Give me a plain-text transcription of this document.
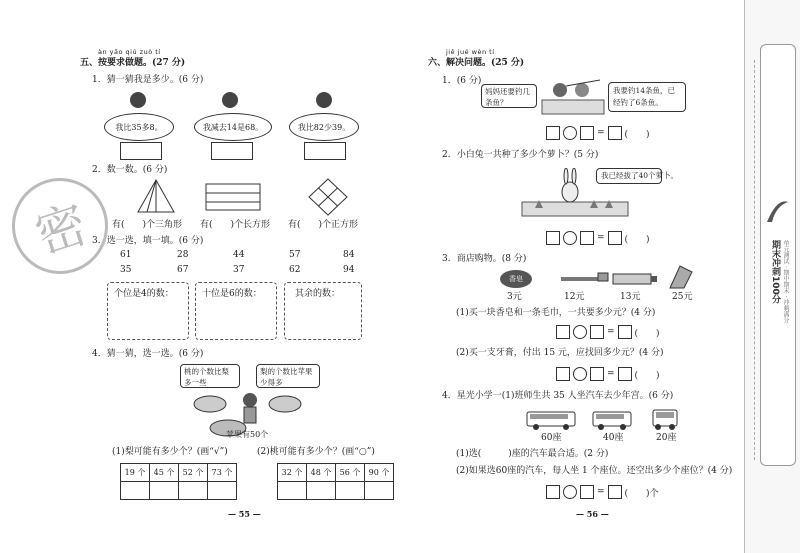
àn yāo qiú zuò tí
五、按要求做题。(27 分)
1．猜一猜我是多少。(6 分)
我比35多8。	我减去14是68。	我比82少39。
2．数一数。(6 分)
有(　　)个三角形 有(　　)个长方形 有(　　)个正方形
3．选一选，填一填。(6 分)
61	28	44	57	84
35	67	37	62	94
个位是4的数：	十位是6的数：	其余的数：
4．猜一猜，选一选。(6 分)
桃的个数比梨多一些
梨的个数比苹果少得多
苹果有50个
(1)梨可能有多少个？(画“√”)	(2)桃可能有多少个？(画“○”)
19 个	45 个	52 个	73 个
				32 个	48 个	56 个	90 个

— 55 —
密
jiě jué wèn tí
六、解决问题。(25 分)
1．(6 分)
妈妈还要钓几条鱼？
我要钓14条鱼，已经钓了6条鱼。
= (　　)
2．小白兔一共种了多少个萝卜？(5 分)
我已经拔了40个萝卜。
= (　　)
3．商店购物。(8 分)
香皂
3元	12元	13元	25元
(1)买一块香皂和一条毛巾，一共要多少元？(4 分)
= (　　)
(2)买一支牙膏，付出 15 元，应找回多少元？(4 分)
= (　　)
4．星光小学一(1)班师生共 35 人坐汽车去少年宫。(6 分)
60座	40座	20座
(1)选(　　　)座的汽车最合适。(2 分)
(2)如果选60座的汽车，每人坐 1 个座位。还空出多少个座位？(4 分)
= (　　)个
— 56 —
期末冲刺100分 单元测试 · 期中期末 · 冲刺满分
